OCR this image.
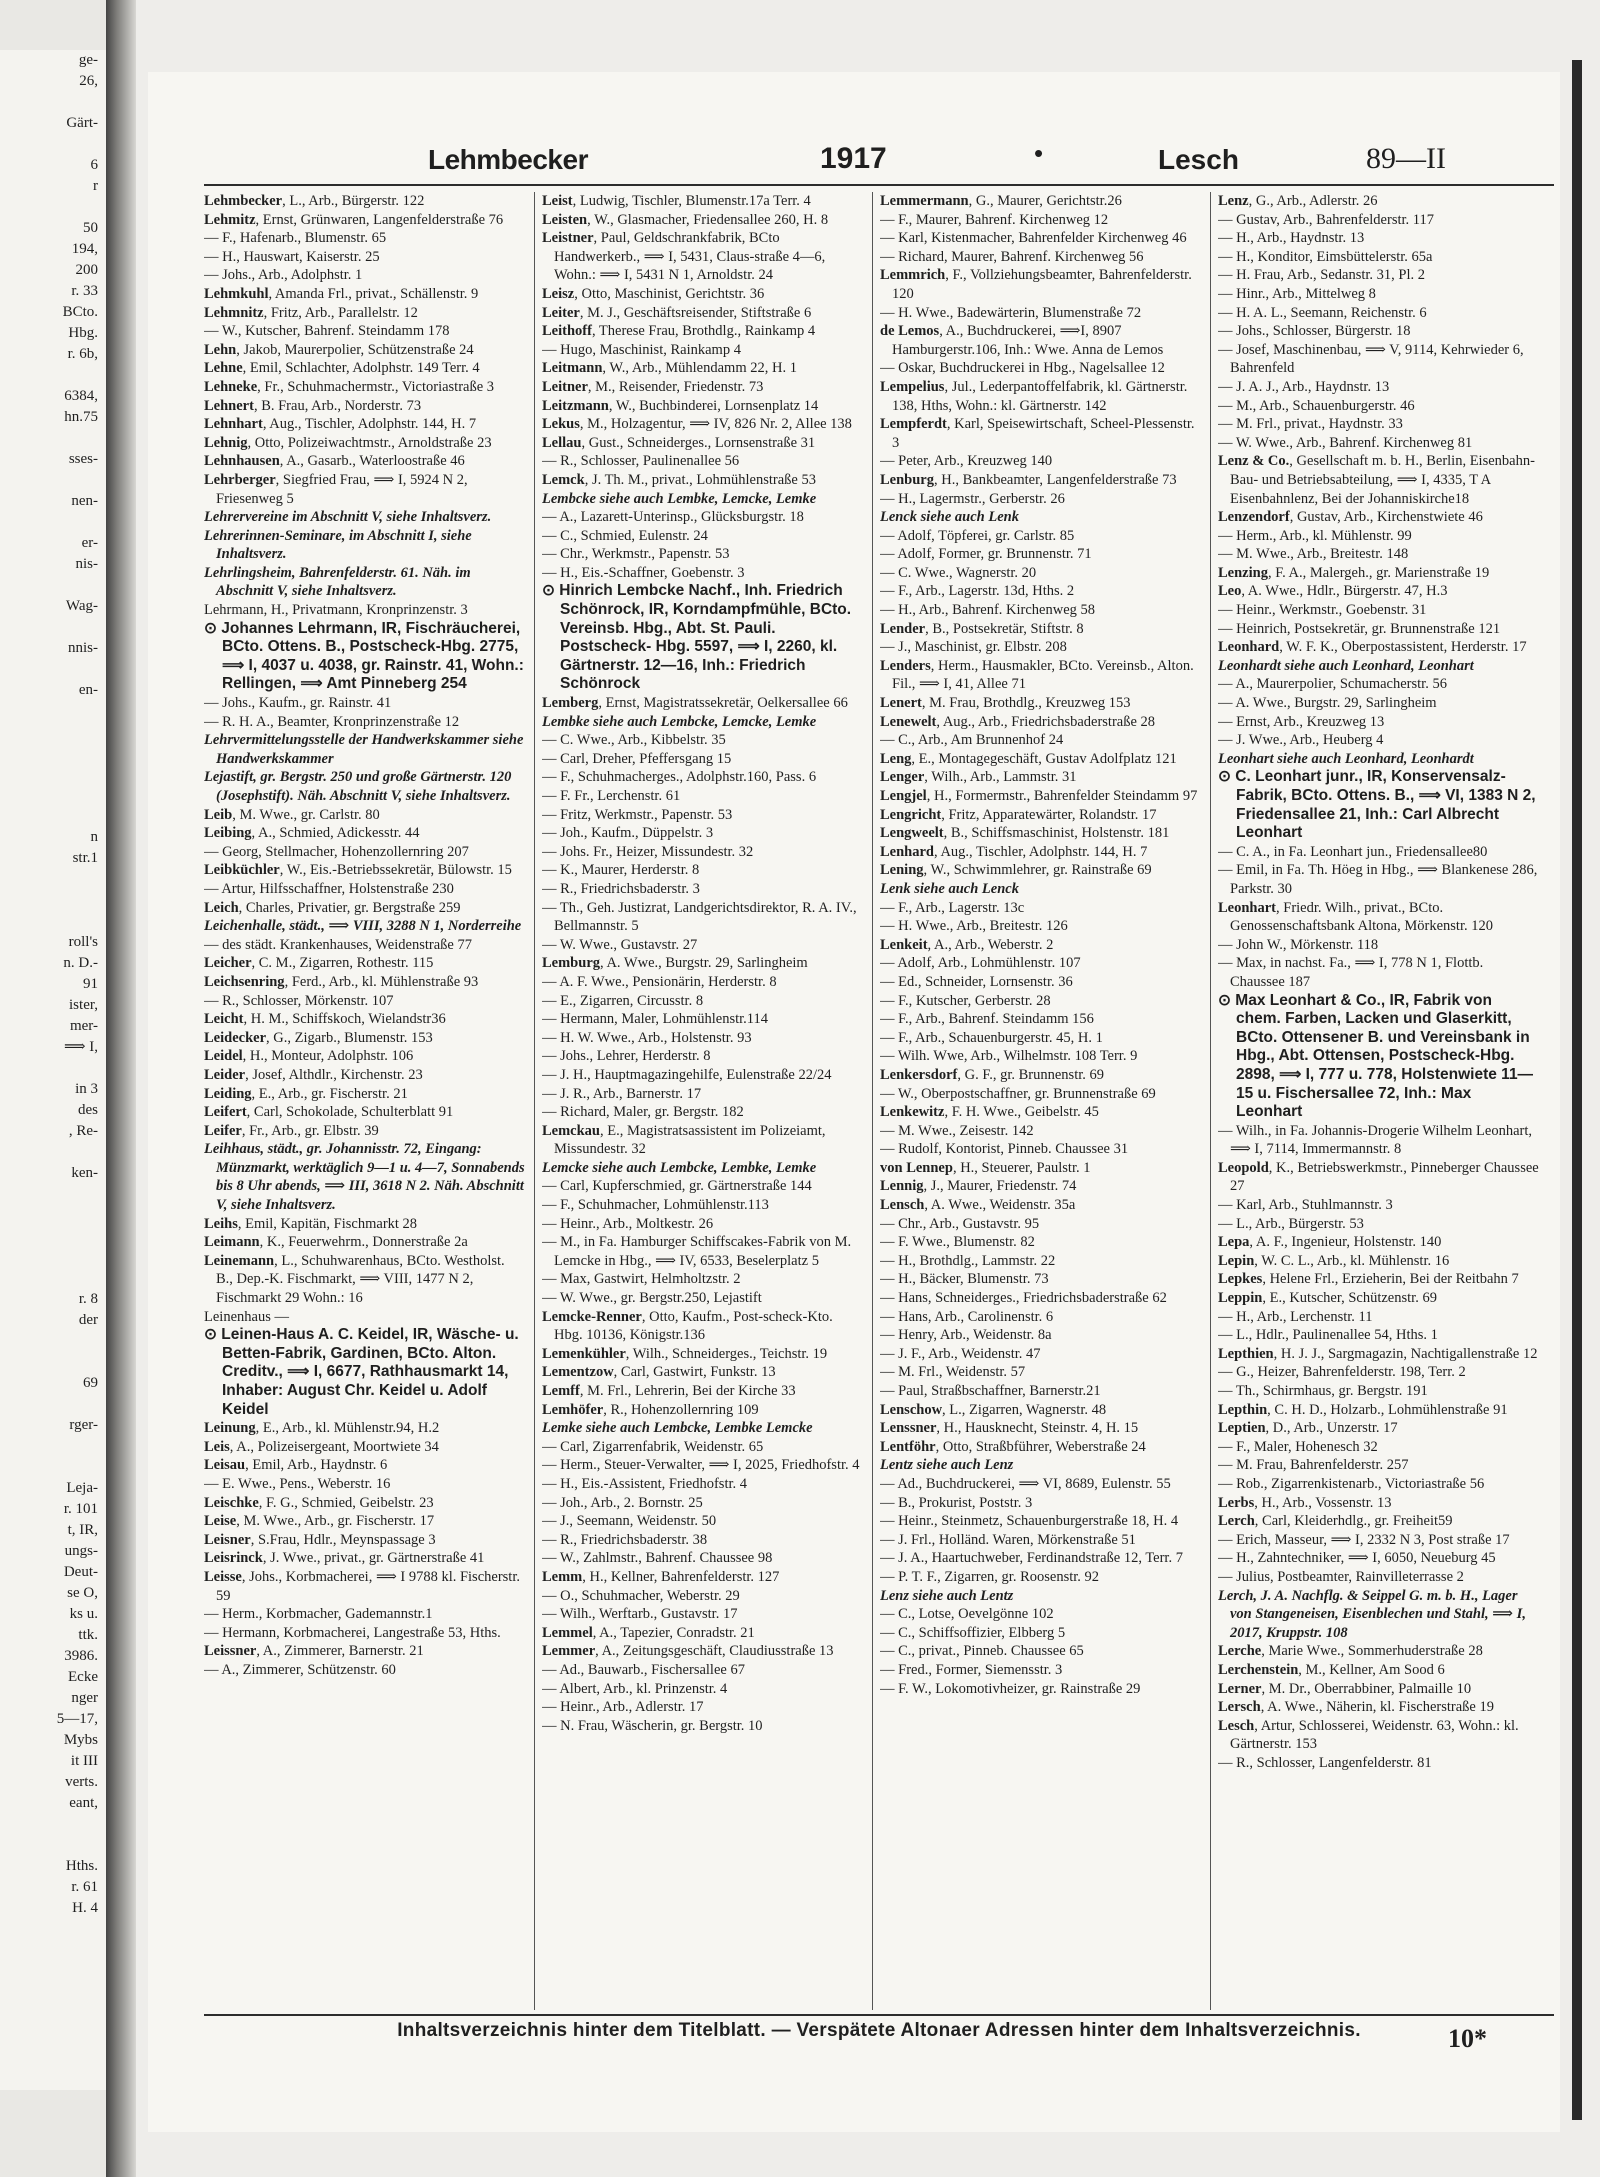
ge-
26,
Gärt-
6
r
50
194,
200
r. 33
BCto.
Hbg.
r. 6b,
6384,
hn.75
sses-
nen-
er-
nis-
Wag-
nnis-
en-
n
str.1
roll's
n. D.-
91
ister,
mer-
⟹ I,
in 3
des
, Re-
ken-
r. 8
der
69
rger-
Leja-
r. 101
t, IR,
ungs-
Deut-
se O,
ks u.
ttk.
3986.
Ecke
nger
5—17,
Mybs
it III
verts.
eant,
Hths.
r. 61
H. 4
Lehmbecker	1917	•	Lesch	89—II

Lehmbecker, L., Arb., Bürgerstr. 122

Lehmitz, Ernst, Grünwaren, Langenfelderstraße 76

— F., Hafenarb., Blumenstr. 65

— H., Hauswart, Kaiserstr. 25

— Johs., Arb., Adolphstr. 1

Lehmkuhl, Amanda Frl., privat., Schällenstr. 9

Lehmnitz, Fritz, Arb., Parallelstr. 12

— W., Kutscher, Bahrenf. Steindamm 178

Lehn, Jakob, Maurerpolier, Schützenstraße 24

Lehne, Emil, Schlachter, Adolphstr. 149 Terr. 4

Lehneke, Fr., Schuhmachermstr., Victoriastraße 3

Lehnert, B. Frau, Arb., Norderstr. 73

Lehnhart, Aug., Tischler, Adolphstr. 144, H. 7

Lehnig, Otto, Polizeiwachtmstr., Arnoldstraße 23

Lehnhausen, A., Gasarb., Waterloostraße 46

Lehrberger, Siegfried Frau, ⟹ I, 5924 N 2, Friesenweg 5

Lehrervereine im Abschnitt V, siehe Inhaltsverz.

Lehrerinnen-Seminare, im Abschnitt I, siehe Inhaltsverz.

Lehrlingsheim, Bahrenfelderstr. 61. Näh. im Abschnitt V, siehe Inhaltsverz.

Lehrmann, H., Privatmann, Kronprinzenstr. 3

⊙ Johannes Lehrmann, IR, Fischräucherei, BCto. Ottens. B., Postscheck-Hbg. 2775, ⟹ I, 4037 u. 4038, gr. Rainstr. 41, Wohn.: Rellingen, ⟹ Amt Pinneberg 254

— Johs., Kaufm., gr. Rainstr. 41

— R. H. A., Beamter, Kronprinzenstraße 12

Lehrvermittelungsstelle der Handwerkskammer siehe Handwerkskammer

Lejastift, gr. Bergstr. 250 und große Gärtnerstr. 120 (Josephstift). Näh. Abschnitt V, siehe Inhaltsverz.

Leib, M. Wwe., gr. Carlstr. 80

Leibing, A., Schmied, Adickesstr. 44

— Georg, Stellmacher, Hohenzollernring 207

Leibküchler, W., Eis.-Betriebssekretär, Bülowstr. 15

— Artur, Hilfsschaffner, Holstenstraße 230

Leich, Charles, Privatier, gr. Bergstraße 259

Leichenhalle, städt., ⟹ VIII, 3288 N 1, Norderreihe

— des städt. Krankenhauses, Weidenstraße 77

Leicher, C. M., Zigarren, Rothestr. 115

Leichsenring, Ferd., Arb., kl. Mühlenstraße 93

— R., Schlosser, Mörkenstr. 107

Leicht, H. M., Schiffskoch, Wielandstr36

Leidecker, G., Zigarb., Blumenstr. 153

Leidel, H., Monteur, Adolphstr. 106

Leider, Josef, Althdlr., Kirchenstr. 23

Leiding, E., Arb., gr. Fischerstr. 21

Leifert, Carl, Schokolade, Schulterblatt 91

Leifer, Fr., Arb., gr. Elbstr. 39

Leihhaus, städt., gr. Johannisstr. 72, Eingang: Münzmarkt, werktäglich 9—1 u. 4—7, Sonnabends bis 8 Uhr abends, ⟹ III, 3618 N 2. Näh. Abschnitt V, siehe Inhaltsverz.

Leihs, Emil, Kapitän, Fischmarkt 28

Leimann, K., Feuerwehrm., Donnerstraße 2a

Leinemann, L., Schuhwarenhaus, BCto. Westholst. B., Dep.-K. Fischmarkt, ⟹ VIII, 1477 N 2, Fischmarkt 29 Wohn.: 16

Leinenhaus —

⊙ Leinen-Haus A. C. Keidel, IR, Wäsche- u. Betten-Fabrik, Gardinen, BCto. Alton. Creditv., ⟹ I, 6677, Rathhausmarkt 14, Inhaber: August Chr. Keidel u. Adolf Keidel

Leinung, E., Arb., kl. Mühlenstr.94, H.2

Leis, A., Polizeisergeant, Moortwiete 34

Leisau, Emil, Arb., Haydnstr. 6

— E. Wwe., Pens., Weberstr. 16

Leischke, F. G., Schmied, Geibelstr. 23

Leise, M. Wwe., Arb., gr. Fischerstr. 17

Leisner, S.Frau, Hdlr., Meynspassage 3

Leisrinck, J. Wwe., privat., gr. Gärtnerstraße 41

Leisse, Johs., Korbmacherei, ⟹ I 9788 kl. Fischerstr. 59

— Herm., Korbmacher, Gademannstr.1

— Hermann, Korbmacherei, Langestraße 53, Hths.

Leissner, A., Zimmerer, Barnerstr. 21

— A., Zimmerer, Schützenstr. 60

Leist, Ludwig, Tischler, Blumenstr.17a Terr. 4

Leisten, W., Glasmacher, Friedensallee 260, H. 8

Leistner, Paul, Geldschrankfabrik, BCto Handwerkerb., ⟹ I, 5431, Claus-straße 4—6, Wohn.: ⟹ I, 5431 N 1, Arnoldstr. 24

Leisz, Otto, Maschinist, Gerichtstr. 36

Leiter, M. J., Geschäftsreisender, Stiftstraße 6

Leithoff, Therese Frau, Brothdlg., Rainkamp 4

— Hugo, Maschinist, Rainkamp 4

Leitmann, W., Arb., Mühlendamm 22, H. 1

Leitner, M., Reisender, Friedenstr. 73

Leitzmann, W., Buchbinderei, Lornsenplatz 14

Lekus, M., Holzagentur, ⟹ IV, 826 Nr. 2, Allee 138

Lellau, Gust., Schneiderges., Lornsenstraße 31

— R., Schlosser, Paulinenallee 56

Lemck, J. Th. M., privat., Lohmühlenstraße 53

Lembcke siehe auch Lembke, Lemcke, Lemke

— A., Lazarett-Unterinsp., Glücksburgstr. 18

— C., Schmied, Eulenstr. 24

— Chr., Werkmstr., Papenstr. 53

— H., Eis.-Schaffner, Goebenstr. 3

⊙ Hinrich Lembcke Nachf., Inh. Friedrich Schönrock, IR, Korndampfmühle, BCto. Vereinsb. Hbg., Abt. St. Pauli. Postscheck- Hbg. 5597, ⟹ I, 2260, kl. Gärtnerstr. 12—16, Inh.: Friedrich Schönrock

Lemberg, Ernst, Magistratssekretär, Oelkersallee 66

Lembke siehe auch Lembcke, Lemcke, Lemke

— C. Wwe., Arb., Kibbelstr. 35

— Carl, Dreher, Pfeffersgang 15

— F., Schuhmacherges., Adolphstr.160, Pass. 6

— F. Fr., Lerchenstr. 61

— Fritz, Werkmstr., Papenstr. 53

— Joh., Kaufm., Düppelstr. 3

— Johs. Fr., Heizer, Missundestr. 32

— K., Maurer, Herderstr. 8

— R., Friedrichsbaderstr. 3

— Th., Geh. Justizrat, Landgerichtsdirektor, R. A. IV., Bellmannstr. 5

— W. Wwe., Gustavstr. 27

Lemburg, A. Wwe., Burgstr. 29, Sarlingheim

— A. F. Wwe., Pensionärin, Herderstr. 8

— E., Zigarren, Circusstr. 8

— Hermann, Maler, Lohmühlenstr.114

— H. W. Wwe., Arb., Holstenstr. 93

— Johs., Lehrer, Herderstr. 8

— J. H., Hauptmagazingehilfe, Eulenstraße 22/24

— J. R., Arb., Barnerstr. 17

— Richard, Maler, gr. Bergstr. 182

Lemckau, E., Magistratsassistent im Polizeiamt, Missundestr. 32

Lemcke siehe auch Lembcke, Lembke, Lemke

— Carl, Kupferschmied, gr. Gärtnerstraße 144

— F., Schuhmacher, Lohmühlenstr.113

— Heinr., Arb., Moltkestr. 26

— M., in Fa. Hamburger Schiffscakes-Fabrik von M. Lemcke in Hbg., ⟹ IV, 6533, Beselerplatz 5

— Max, Gastwirt, Helmholtzstr. 2

— W. Wwe., gr. Bergstr.250, Lejastift

Lemcke-Renner, Otto, Kaufm., Post-scheck-Kto. Hbg. 10136, Königstr.136

Lemenkühler, Wilh., Schneiderges., Teichstr. 19

Lementzow, Carl, Gastwirt, Funkstr. 13

Lemff, M. Frl., Lehrerin, Bei der Kirche 33

Lemhöfer, R., Hohenzollernring 109

Lemke siehe auch Lembcke, Lembke Lemcke

— Carl, Zigarrenfabrik, Weidenstr. 65

— Herm., Steuer-Verwalter, ⟹ I, 2025, Friedhofstr. 4

— H., Eis.-Assistent, Friedhofstr. 4

— Joh., Arb., 2. Bornstr. 25

— J., Seemann, Weidenstr. 50

— R., Friedrichsbaderstr. 38

— W., Zahlmstr., Bahrenf. Chaussee 98

Lemm, H., Kellner, Bahrenfelderstr. 127

— O., Schuhmacher, Weberstr. 29

— Wilh., Werftarb., Gustavstr. 17

Lemmel, A., Tapezier, Conradstr. 21

Lemmer, A., Zeitungsgeschäft, Claudiusstraße 13

— Ad., Bauwarb., Fischersallee 67

— Albert, Arb., kl. Prinzenstr. 4

— Heinr., Arb., Adlerstr. 17

— N. Frau, Wäscherin, gr. Bergstr. 10

Lemmermann, G., Maurer, Gerichtstr.26

— F., Maurer, Bahrenf. Kirchenweg 12

— Karl, Kistenmacher, Bahrenfelder Kirchenweg 46

— Richard, Maurer, Bahrenf. Kirchenweg 56

Lemmrich, F., Vollziehungsbeamter, Bahrenfelderstr. 120

— H. Wwe., Badewärterin, Blumenstraße 72

de Lemos, A., Buchdruckerei, ⟹I, 8907 Hamburgerstr.106, Inh.: Wwe. Anna de Lemos

— Oskar, Buchdruckerei in Hbg., Nagelsallee 12

Lempelius, Jul., Lederpantoffelfabrik, kl. Gärtnerstr. 138, Hths, Wohn.: kl. Gärtnerstr. 142

Lempferdt, Karl, Speisewirtschaft, Scheel-Plessenstr. 3

— Peter, Arb., Kreuzweg 140

Lenburg, H., Bankbeamter, Langenfelderstraße 73

— H., Lagermstr., Gerberstr. 26

Lenck siehe auch Lenk

— Adolf, Töpferei, gr. Carlstr. 85

— Adolf, Former, gr. Brunnenstr. 71

— C. Wwe., Wagnerstr. 20

— F., Arb., Lagerstr. 13d, Hths. 2

— H., Arb., Bahrenf. Kirchenweg 58

Lender, B., Postsekretär, Stiftstr. 8

— J., Maschinist, gr. Elbstr. 208

Lenders, Herm., Hausmakler, BCto. Vereinsb., Alton. Fil., ⟹ I, 41, Allee 71

Lenert, M. Frau, Brothdlg., Kreuzweg 153

Lenewelt, Aug., Arb., Friedrichsbaderstraße 28

— C., Arb., Am Brunnenhof 24

Leng, E., Montagegeschäft, Gustav Adolfplatz 121

Lenger, Wilh., Arb., Lammstr. 31

Lengjel, H., Formermstr., Bahrenfelder Steindamm 97

Lengricht, Fritz, Apparatewärter, Rolandstr. 17

Lengweelt, B., Schiffsmaschinist, Holstenstr. 181

Lenhard, Aug., Tischler, Adolphstr. 144, H. 7

Lening, W., Schwimmlehrer, gr. Rainstraße 69

Lenk siehe auch Lenck

— F., Arb., Lagerstr. 13c

— H. Wwe., Arb., Breitestr. 126

Lenkeit, A., Arb., Weberstr. 2

— Adolf, Arb., Lohmühlenstr. 107

— Ed., Schneider, Lornsenstr. 36

— F., Kutscher, Gerberstr. 28

— F., Arb., Bahrenf. Steindamm 156

— F., Arb., Schauenburgerstr. 45, H. 1

— Wilh. Wwe, Arb., Wilhelmstr. 108 Terr. 9

Lenkersdorf, G. F., gr. Brunnenstr. 69

— W., Oberpostschaffner, gr. Brunnenstraße 69

Lenkewitz, F. H. Wwe., Geibelstr. 45

— M. Wwe., Zeisestr. 142

— Rudolf, Kontorist, Pinneb. Chaussee 31

von Lennep, H., Steuerer, Paulstr. 1

Lennig, J., Maurer, Friedenstr. 74

Lensch, A. Wwe., Weidenstr. 35a

— Chr., Arb., Gustavstr. 95

— F. Wwe., Blumenstr. 82

— H., Brothdlg., Lammstr. 22

— H., Bäcker, Blumenstr. 73

— Hans, Schneiderges., Friedrichsbaderstraße 62

— Hans, Arb., Carolinenstr. 6

— Henry, Arb., Weidenstr. 8a

— J. F., Arb., Weidenstr. 47

— M. Frl., Weidenstr. 57

— Paul, Straßbschaffner, Barnerstr.21

Lenschow, L., Zigarren, Wagnerstr. 48

Lenssner, H., Hausknecht, Steinstr. 4, H. 15

Lentföhr, Otto, Straßbführer, Weberstraße 24

Lentz siehe auch Lenz

— Ad., Buchdruckerei, ⟹ VI, 8689, Eulenstr. 55

— B., Prokurist, Poststr. 3

— Heinr., Steinmetz, Schauenburgerstraße 18, H. 4

— J. Frl., Holländ. Waren, Mörkenstraße 51

— J. A., Haartuchweber, Ferdinandstraße 12, Terr. 7

— P. T. F., Zigarren, gr. Roosenstr. 92

Lenz siehe auch Lentz

— C., Lotse, Oevelgönne 102

— C., Schiffsoffizier, Elbberg 5

— C., privat., Pinneb. Chaussee 65

— Fred., Former, Siemensstr. 3

— F. W., Lokomotivheizer, gr. Rainstraße 29

Lenz, G., Arb., Adlerstr. 26

— Gustav, Arb., Bahrenfelderstr. 117

— H., Arb., Haydnstr. 13

— H., Konditor, Eimsbüttelerstr. 65a

— H. Frau, Arb., Sedanstr. 31, Pl. 2

— Hinr., Arb., Mittelweg 8

— H. A. L., Seemann, Reichenstr. 6

— Johs., Schlosser, Bürgerstr. 18

— Josef, Maschinenbau, ⟹ V, 9114, Kehrwieder 6, Bahrenfeld

— J. A. J., Arb., Haydnstr. 13

— M., Arb., Schauenburgerstr. 46

— M. Frl., privat., Haydnstr. 33

— W. Wwe., Arb., Bahrenf. Kirchenweg 81

Lenz & Co., Gesellschaft m. b. H., Berlin, Eisenbahn-Bau- und Betriebsabteilung, ⟹ I, 4335, T A Eisenbahnlenz, Bei der Johanniskirche18

Lenzendorf, Gustav, Arb., Kirchenstwiete 46

— Herm., Arb., kl. Mühlenstr. 99

— M. Wwe., Arb., Breitestr. 148

Lenzing, F. A., Malergeh., gr. Marienstraße 19

Leo, A. Wwe., Hdlr., Bürgerstr. 47, H.3

— Heinr., Werkmstr., Goebenstr. 31

— Heinrich, Postsekretär, gr. Brunnenstraße 121

Leonhard, W. F. K., Oberpostassistent, Herderstr. 17

Leonhardt siehe auch Leonhard, Leonhart

— A., Maurerpolier, Schumacherstr. 56

— A. Wwe., Burgstr. 29, Sarlingheim

— Ernst, Arb., Kreuzweg 13

— J. Wwe., Arb., Heuberg 4

Leonhart siehe auch Leonhard, Leonhardt

⊙ C. Leonhart junr., IR, Konservensalz-Fabrik, BCto. Ottens. B., ⟹ VI, 1383 N 2, Friedensallee 21, Inh.: Carl Albrecht Leonhart

— C. A., in Fa. Leonhart jun., Friedensallee80

— Emil, in Fa. Th. Höeg in Hbg., ⟹ Blankenese 286, Parkstr. 30

Leonhart, Friedr. Wilh., privat., BCto. Genossenschaftsbank Altona, Mörkenstr. 120

— John W., Mörkenstr. 118

— Max, in nachst. Fa., ⟹ I, 778 N 1, Flottb. Chaussee 187

⊙ Max Leonhart & Co., IR, Fabrik von chem. Farben, Lacken und Glaserkitt, BCto. Ottensener B. und Vereinsbank in Hbg., Abt. Ottensen, Postscheck-Hbg. 2898, ⟹ I, 777 u. 778, Holstenwiete 11—15 u. Fischersallee 72, Inh.: Max Leonhart

— Wilh., in Fa. Johannis-Drogerie Wilhelm Leonhart, ⟹ I, 7114, Immermannstr. 8

Leopold, K., Betriebswerkmstr., Pinneberger Chaussee 27

— Karl, Arb., Stuhlmannstr. 3

— L., Arb., Bürgerstr. 53

Lepa, A. F., Ingenieur, Holstenstr. 140

Lepin, W. C. L., Arb., kl. Mühlenstr. 16

Lepkes, Helene Frl., Erzieherin, Bei der Reitbahn 7

Leppin, E., Kutscher, Schützenstr. 69

— H., Arb., Lerchenstr. 11

— L., Hdlr., Paulinenallee 54, Hths. 1

Lepthien, H. J. J., Sargmagazin, Nachtigallenstraße 12

— G., Heizer, Bahrenfelderstr. 198, Terr. 2

— Th., Schirmhaus, gr. Bergstr. 191

Lepthin, C. H. D., Holzarb., Lohmühlenstraße 91

Leptien, D., Arb., Unzerstr. 17

— F., Maler, Hohenesch 32

— M. Frau, Bahrenfelderstr. 257

— Rob., Zigarrenkistenarb., Victoriastraße 56

Lerbs, H., Arb., Vossenstr. 13

Lerch, Carl, Kleiderhdlg., gr. Freiheit59

— Erich, Masseur, ⟹ I, 2332 N 3, Post straße 17

— H., Zahntechniker, ⟹ I, 6050, Neueburg 45

— Julius, Postbeamter, Rainvilleterrasse 2

Lerch, J. A. Nachflg. & Seippel G. m. b. H., Lager von Stangeneisen, Eisenblechen und Stahl, ⟹ I, 2017, Kruppstr. 108

Lerche, Marie Wwe., Sommerhuderstraße 28

Lerchenstein, M., Kellner, Am Sood 6

Lerner, M. Dr., Oberrabbiner, Palmaille 10

Lersch, A. Wwe., Näherin, kl. Fischerstraße 19

Lesch, Artur, Schlosserei, Weidenstr. 63, Wohn.: kl. Gärtnerstr. 153

— R., Schlosser, Langenfelderstr. 81

Inhaltsverzeichnis hinter dem Titelblatt. — Verspätete Altonaer Adressen hinter dem Inhaltsverzeichnis.	10*
